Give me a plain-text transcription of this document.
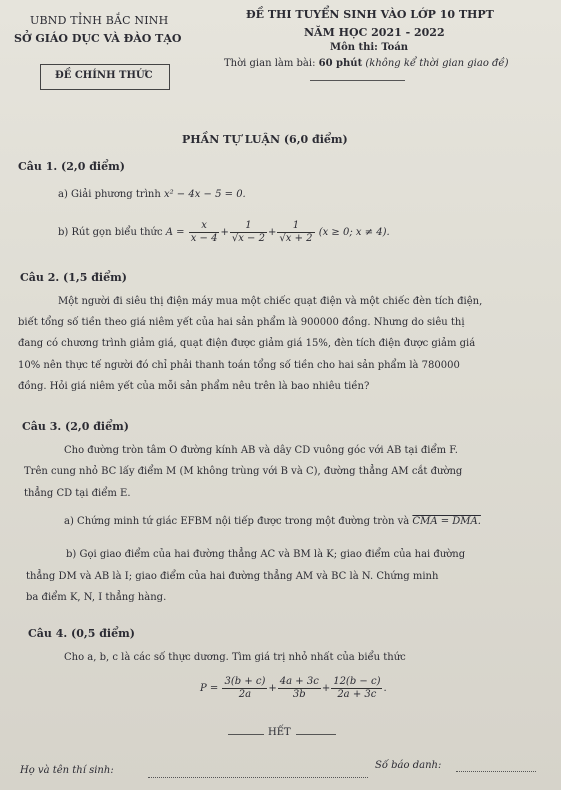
UBND TỈNH BẮC NINH
SỞ GIÁO DỤC VÀ ĐÀO TẠO
ĐỀ CHÍNH THỨC
ĐỀ THI TUYỂN SINH VÀO LỚP 10 THPT
NĂM HỌC 2021 - 2022
Môn thi: Toán
Thời gian làm bài: 60 phút (không kể thời gian giao đề)
PHẦN TỰ LUẬN (6,0 điểm)
Câu 1. (2,0 điểm)
a) Giải phương trình x² − 4x − 5 = 0.
b) Rút gọn biểu thức $A = \frac{x}{x - 4} + \frac{1}{√x - 2} + \frac{1}{√x + 2} (x \ge 0$; x ≠ 4).
Câu 2. (1,5 điểm)
Một người đi siêu thị điện máy mua một chiếc quạt điện và một chiếc đèn tích điện,
biết tổng số tiền theo giá niêm yết của hai sản phẩm là 900000 đồng. Nhưng do siêu thị
đang có chương trình giảm giá, quạt điện được giảm giá 15%, đèn tích điện được giảm giá
10% nên thực tế người đó chỉ phải thanh toán tổng số tiền cho hai sản phẩm là 780000
đồng. Hỏi giá niêm yết của mỗi sản phẩm nêu trên là bao nhiêu tiền?
Câu 3. (2,0 điểm)
Cho đường tròn tâm O đường kính AB và dây CD vuông góc với AB tại điểm F.
Trên cung nhỏ BC lấy điểm M (M không trùng với B và C), đường thẳng AM cắt đường
thẳng CD tại điểm E.
a) Chứng minh tứ giác EFBM nội tiếp được trong một đường tròn và CMA = DMA.
b) Gọi giao điểm của hai đường thẳng AC và BM là K; giao điểm của hai đường
thẳng DM và AB là I; giao điểm của hai đường thẳng AM và BC là N. Chứng minh
ba điểm K, N, I thẳng hàng.
Câu 4. (0,5 điểm)
Cho a, b, c là các số thực dương. Tìm giá trị nhỏ nhất của biểu thức
$P = \frac{3(b + c)}{2a} + \frac{4a + 3c}{3b} + \frac{12(b - c)}{2a + 3c}$ .
HẾT
Họ và tên thí sinh:	Số báo danh:
